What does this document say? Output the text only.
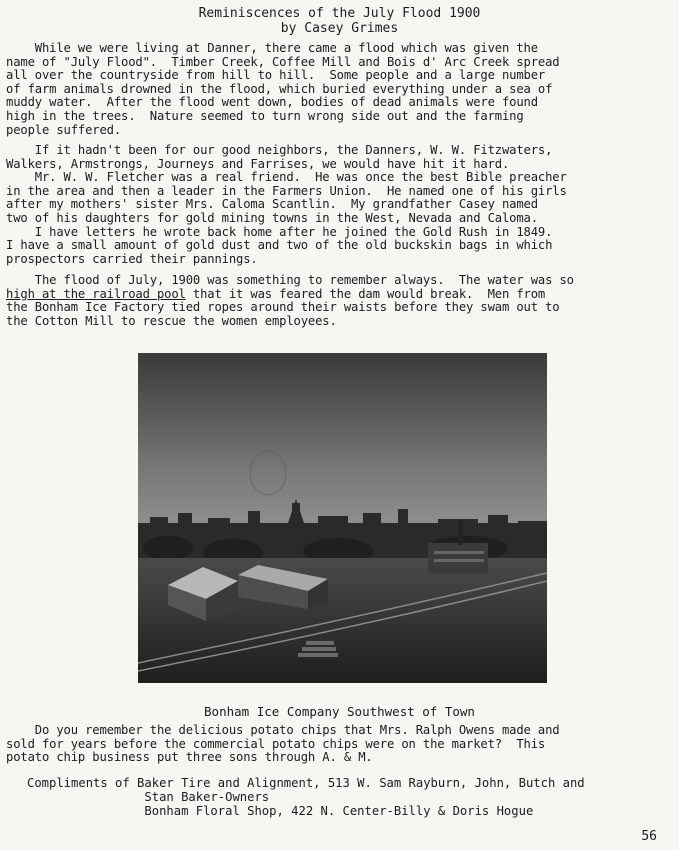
Reminiscences of the July Flood 1900
by Casey Grimes
While we were living at Danner, there came a flood which was given the
name of "July Flood".  Timber Creek, Coffee Mill and Bois d' Arc Creek spread
all over the countryside from hill to hill.  Some people and a large number
of farm animals drowned in the flood, which buried everything under a sea of
muddy water.  After the flood went down, bodies of dead animals were found
high in the trees.  Nature seemed to turn wrong side out and the farming
people suffered.
If it hadn't been for our good neighbors, the Danners, W. W. Fitzwaters,
Walkers, Armstrongs, Journeys and Farrises, we would have hit it hard.
Mr. W. W. Fletcher was a real friend.  He was once the best Bible preacher
in the area and then a leader in the Farmers Union.  He named one of his girls
after my mothers' sister Mrs. Caloma Scantlin.  My grandfather Casey named
two of his daughters for gold mining towns in the West, Nevada and Caloma.
I have letters he wrote back home after he joined the Gold Rush in 1849.
I have a small amount of gold dust and two of the old buckskin bags in which
prospectors carried their pannings.
The flood of July, 1900 was something to remember always.  The water was so
high at the railroad pool that it was feared the dam would break.  Men from
the Bonham Ice Factory tied ropes around their waists before they swam out to
the Cotton Mill to rescue the women employees.
Bonham Ice Company Southwest of Town
Do you remember the delicious potato chips that Mrs. Ralph Owens made and
sold for years before the commercial potato chips were on the market?  This
potato chip business put three sons through A. & M.
Compliments of Baker Tire and Alignment, 513 W. Sam Rayburn, John, Butch and
Stan Baker-Owners
Bonham Floral Shop, 422 N. Center-Billy & Doris Hogue
56
